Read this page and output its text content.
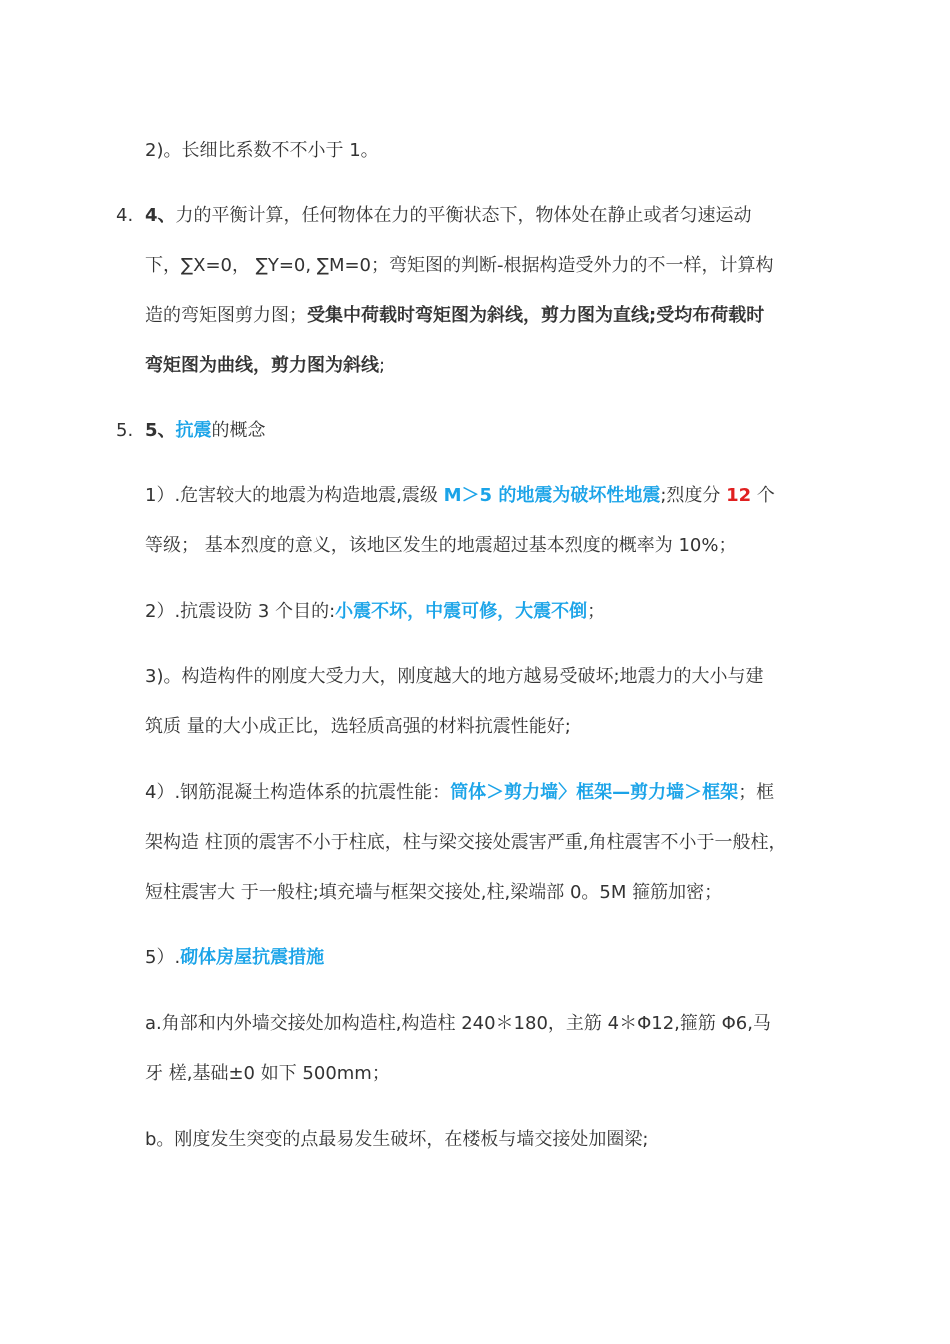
2)。长细比系数不不小于 1。
4. 4、力的平衡计算，任何物体在力的平衡状态下，物体处在静止或者匀速运动
下，∑X=0， ∑Y=0, ∑M=0；弯矩图的判断-根据构造受外力的不一样，计算构
造的弯矩图剪力图；受集中荷载时弯矩图为斜线，剪力图为直线;受均布荷载时
弯矩图为曲线，剪力图为斜线;
5. 5、抗震的概念
1）.危害较大的地震为构造地震,震级 M＞5 的地震为破坏性地震;烈度分 12 个
等级； 基本烈度的意义，该地区发生的地震超过基本烈度的概率为 10%；
2）.抗震设防 3 个目的:小震不坏，中震可修，大震不倒；
3)。构造构件的刚度大受力大，刚度越大的地方越易受破坏;地震力的大小与建
筑质 量的大小成正比，选轻质高强的材料抗震性能好;
4）.钢筋混凝土构造体系的抗震性能：筒体＞剪力墙〉框架—剪力墙＞框架；框
架构造 柱顶的震害不小于柱底，柱与梁交接处震害严重,角柱震害不小于一般柱，
短柱震害大 于一般柱;填充墙与框架交接处,柱,梁端部 0。5M 箍筋加密；
5）.砌体房屋抗震措施
a.角部和内外墙交接处加构造柱,构造柱 240＊180，主筋 4＊Φ12,箍筋 Φ6,马
牙 槎,基础±0 如下 500mm；
b。刚度发生突变的点最易发生破坏，在楼板与墙交接处加圈梁;
